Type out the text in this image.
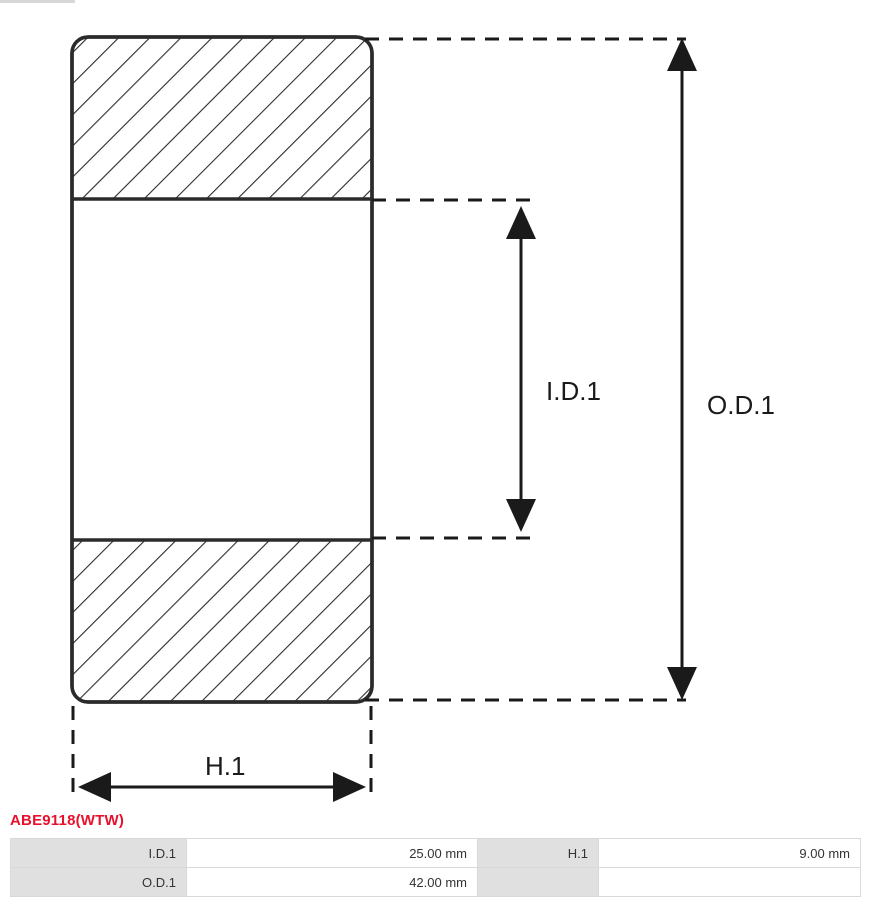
O.D.1
I.D.1
H.1
ABE9118(WTW)
I.D.1	25.00 mm	H.1	9.00 mm
O.D.1	42.00 mm		
